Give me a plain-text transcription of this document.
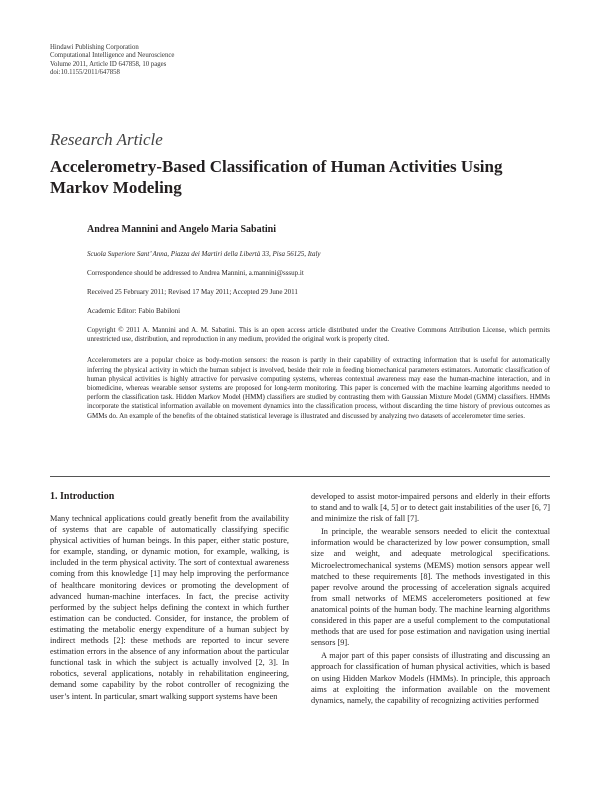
Hindawi Publishing Corporation
Computational Intelligence and Neuroscience
Volume 2011, Article ID 647858, 10 pages
doi:10.1155/2011/647858
Research Article
Accelerometry-Based Classification of Human Activities Using
Markov Modeling
Andrea Mannini and Angelo Maria Sabatini
Scuola Superiore Sant’ Anna, Piazza dei Martiri della Libertà 33, Pisa 56125, Italy
Correspondence should be addressed to Andrea Mannini, a.mannini@sssup.it
Received 25 February 2011; Revised 17 May 2011; Accepted 29 June 2011
Academic Editor: Fabio Babiloni
Copyright © 2011 A. Mannini and A. M. Sabatini. This is an open access article distributed under the Creative Commons Attribution License, which permits unrestricted use, distribution, and reproduction in any medium, provided the original work is properly cited.
Accelerometers are a popular choice as body-motion sensors: the reason is partly in their capability of extracting information that is useful for automatically inferring the physical activity in which the human subject is involved, beside their role in feeding biomechanical parameters estimators. Automatic classification of human physical activities is highly attractive for pervasive computing systems, whereas contextual awareness may ease the human-machine interaction, and in biomedicine, whereas wearable sensor systems are proposed for long-term monitoring. This paper is concerned with the machine learning algorithms needed to perform the classification task. Hidden Markov Model (HMM) classifiers are studied by contrasting them with Gaussian Mixture Model (GMM) classifiers. HMMs incorporate the statistical information available on movement dynamics into the classification process, without discarding the time history of previous outcomes as GMMs do. An example of the benefits of the obtained statistical leverage is illustrated and discussed by analyzing two datasets of accelerometer time series.
1. Introduction

Many technical applications could greatly benefit from the availability of systems that are capable of automatically classifying specific physical activities of human beings. In this paper, either static posture, for example, standing, or dynamic motion, for example, walking, is included in the term physical activity. The sort of contextual awareness coming from this knowledge [1] may help improving the performance of healthcare monitoring devices or promoting the development of advanced human-machine interfaces. In fact, the precise activity performed by the subject helps defining the context in which further estimation can be conducted. Consider, for instance, the problem of estimating the metabolic energy expenditure of a human subject by indirect methods [2]: these methods are reported to incur severe estimation errors in the absence of any information about the particular functional task in which the subject is actually involved [2, 3]. In robotics, several applications, notably in rehabilitation engineering, demand some capability by the robot controller of recognizing the user’s intent. In particular, smart walking support systems have been

developed to assist motor-impaired persons and elderly in their efforts to stand and to walk [4, 5] or to detect gait instabilities of the user [6, 7] and minimize the risk of fall [7].

In principle, the wearable sensors needed to elicit the contextual information would be characterized by low power consumption, small size and weight, and adequate metrological specifications. Microelectromechanical systems (MEMS) motion sensors appear well matched to these requirements [8]. The methods investigated in this paper revolve around the processing of acceleration signals acquired from small networks of MEMS accelerometers positioned at few anatomical points of the human body. The machine learning algorithms considered in this paper are a useful complement to the computational methods that are used for pose estimation and navigation using inertial sensors [9].

A major part of this paper consists of illustrating and discussing an approach for classification of human physical activities, which is based on using Hidden Markov Models (HMMs). In principle, this approach aims at exploiting the information available on the movement dynamics, namely, the capability of recognizing activities performed
